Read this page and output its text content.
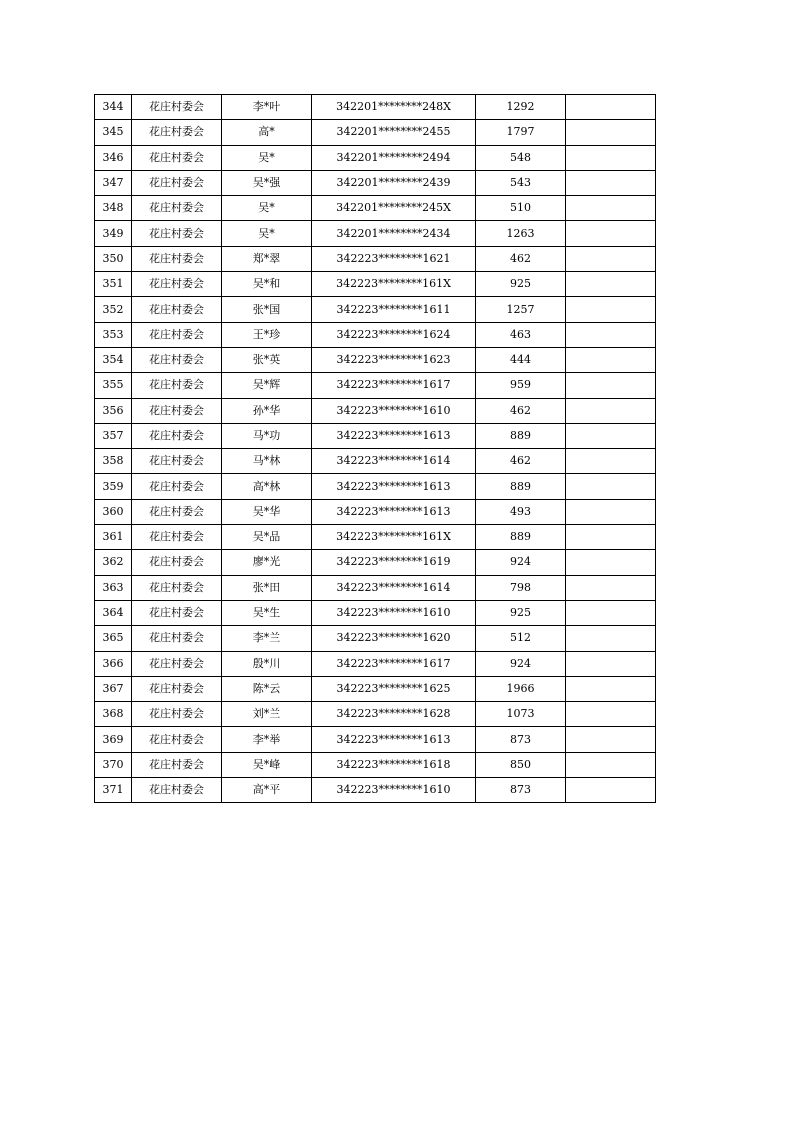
344	花庄村委会	李*叶	342201********248X	1292	
345	花庄村委会	高*	342201********2455	1797	
346	花庄村委会	吴*	342201********2494	548	
347	花庄村委会	吴*强	342201********2439	543	
348	花庄村委会	吴*	342201********245X	510	
349	花庄村委会	吴*	342201********2434	1263	
350	花庄村委会	郑*翠	342223********1621	462	
351	花庄村委会	吴*和	342223********161X	925	
352	花庄村委会	张*国	342223********1611	1257	
353	花庄村委会	王*珍	342223********1624	463	
354	花庄村委会	张*英	342223********1623	444	
355	花庄村委会	吴*辉	342223********1617	959	
356	花庄村委会	孙*华	342223********1610	462	
357	花庄村委会	马*功	342223********1613	889	
358	花庄村委会	马*林	342223********1614	462	
359	花庄村委会	高*林	342223********1613	889	
360	花庄村委会	吴*华	342223********1613	493	
361	花庄村委会	吴*品	342223********161X	889	
362	花庄村委会	廖*光	342223********1619	924	
363	花庄村委会	张*田	342223********1614	798	
364	花庄村委会	吴*生	342223********1610	925	
365	花庄村委会	李*兰	342223********1620	512	
366	花庄村委会	殷*川	342223********1617	924	
367	花庄村委会	陈*云	342223********1625	1966	
368	花庄村委会	刘*兰	342223********1628	1073	
369	花庄村委会	李*举	342223********1613	873	
370	花庄村委会	吴*峰	342223********1618	850	
371	花庄村委会	高*平	342223********1610	873	
